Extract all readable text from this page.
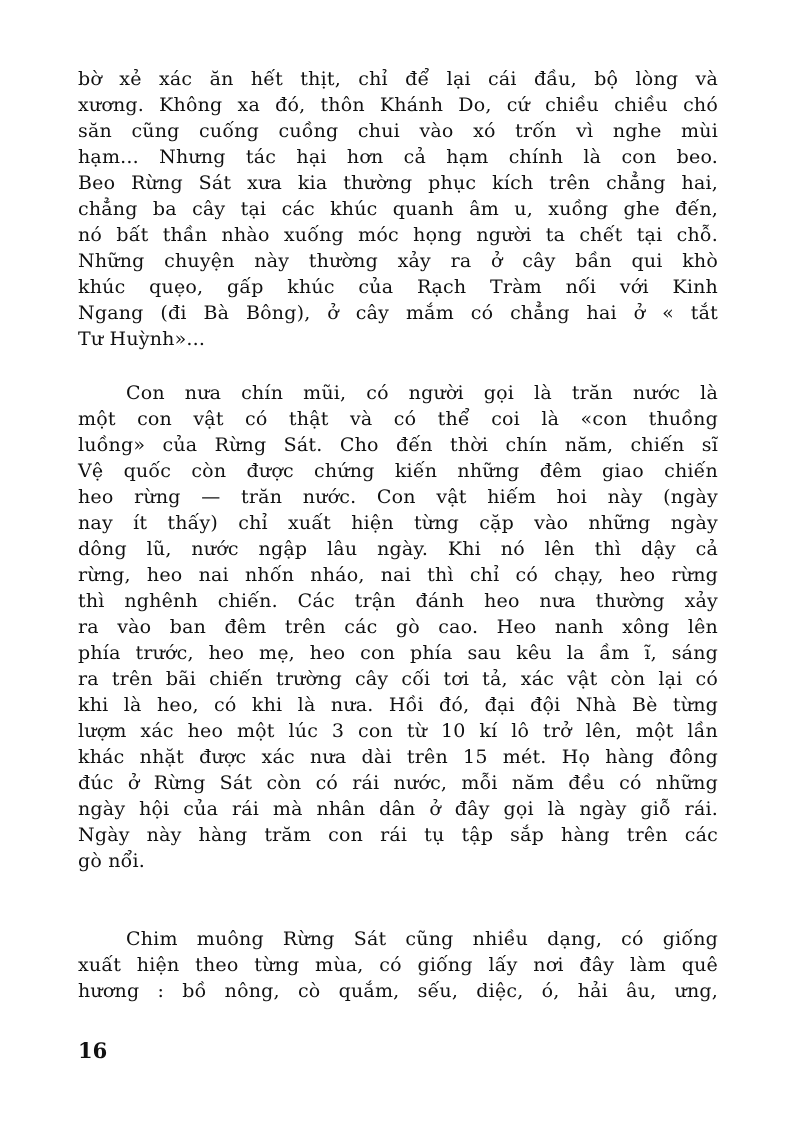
bờ xẻ xác ăn hết thịt, chỉ để lại cái đầu, bộ lòng và
xương. Không xa đó, thôn Khánh Do, cứ chiều chiều chó
săn cũng cuống cuồng chui vào xó trốn vì nghe mùi
hạm... Nhưng tác hại hơn cả hạm chính là con beo.
Beo Rừng Sát xưa kia thường phục kích trên chẳng hai,
chẳng ba cây tại các khúc quanh âm u, xuồng ghe đến,
nó bất thần nhào xuống móc họng người ta chết tại chỗ.
Những chuyện này thường xảy ra ở cây bần qui khò
khúc quẹo, gấp khúc của Rạch Tràm nối với Kinh
Ngang (đi Bà Bông), ở cây mắm có chẳng hai ở « tắt
Tư Huỳnh»...
Con nưa chín mũi, có người gọi là trăn nước là
một con vật có thật và có thể coi là «con thuồng
luồng» của Rừng Sát. Cho đến thời chín năm, chiến sĩ
Vệ quốc còn được chứng kiến những đêm giao chiến
heo rừng — trăn nước. Con vật hiếm hoi này (ngày
nay ít thấy) chỉ xuất hiện từng cặp vào những ngày
dông lũ, nước ngập lâu ngày. Khi nó lên thì dậy cả
rừng, heo nai nhốn nháo, nai thì chỉ có chạy, heo rừng
thì nghênh chiến. Các trận đánh heo nưa thường xảy
ra vào ban đêm trên các gò cao. Heo nanh xông lên
phía trước, heo mẹ, heo con phía sau kêu la ầm ĩ, sáng
ra trên bãi chiến trường cây cối tơi tả, xác vật còn lại có
khi là heo, có khi là nưa. Hồi đó, đại đội Nhà Bè từng
lượm xác heo một lúc 3 con từ 10 kí lô trở lên, một lần
khác nhặt được xác nưa dài trên 15 mét. Họ hàng đông
đúc ở Rừng Sát còn có rái nước, mỗi năm đều có những
ngày hội của rái mà nhân dân ở đây gọi là ngày giỗ rái.
Ngày này hàng trăm con rái tụ tập sắp hàng trên các
gò nổi.
Chim muông Rừng Sát cũng nhiều dạng, có giống
xuất hiện theo từng mùa, có giống lấy nơi đây làm quê
hương : bồ nông, cò quắm, sếu, diệc, ó, hải âu, ưng,
16
